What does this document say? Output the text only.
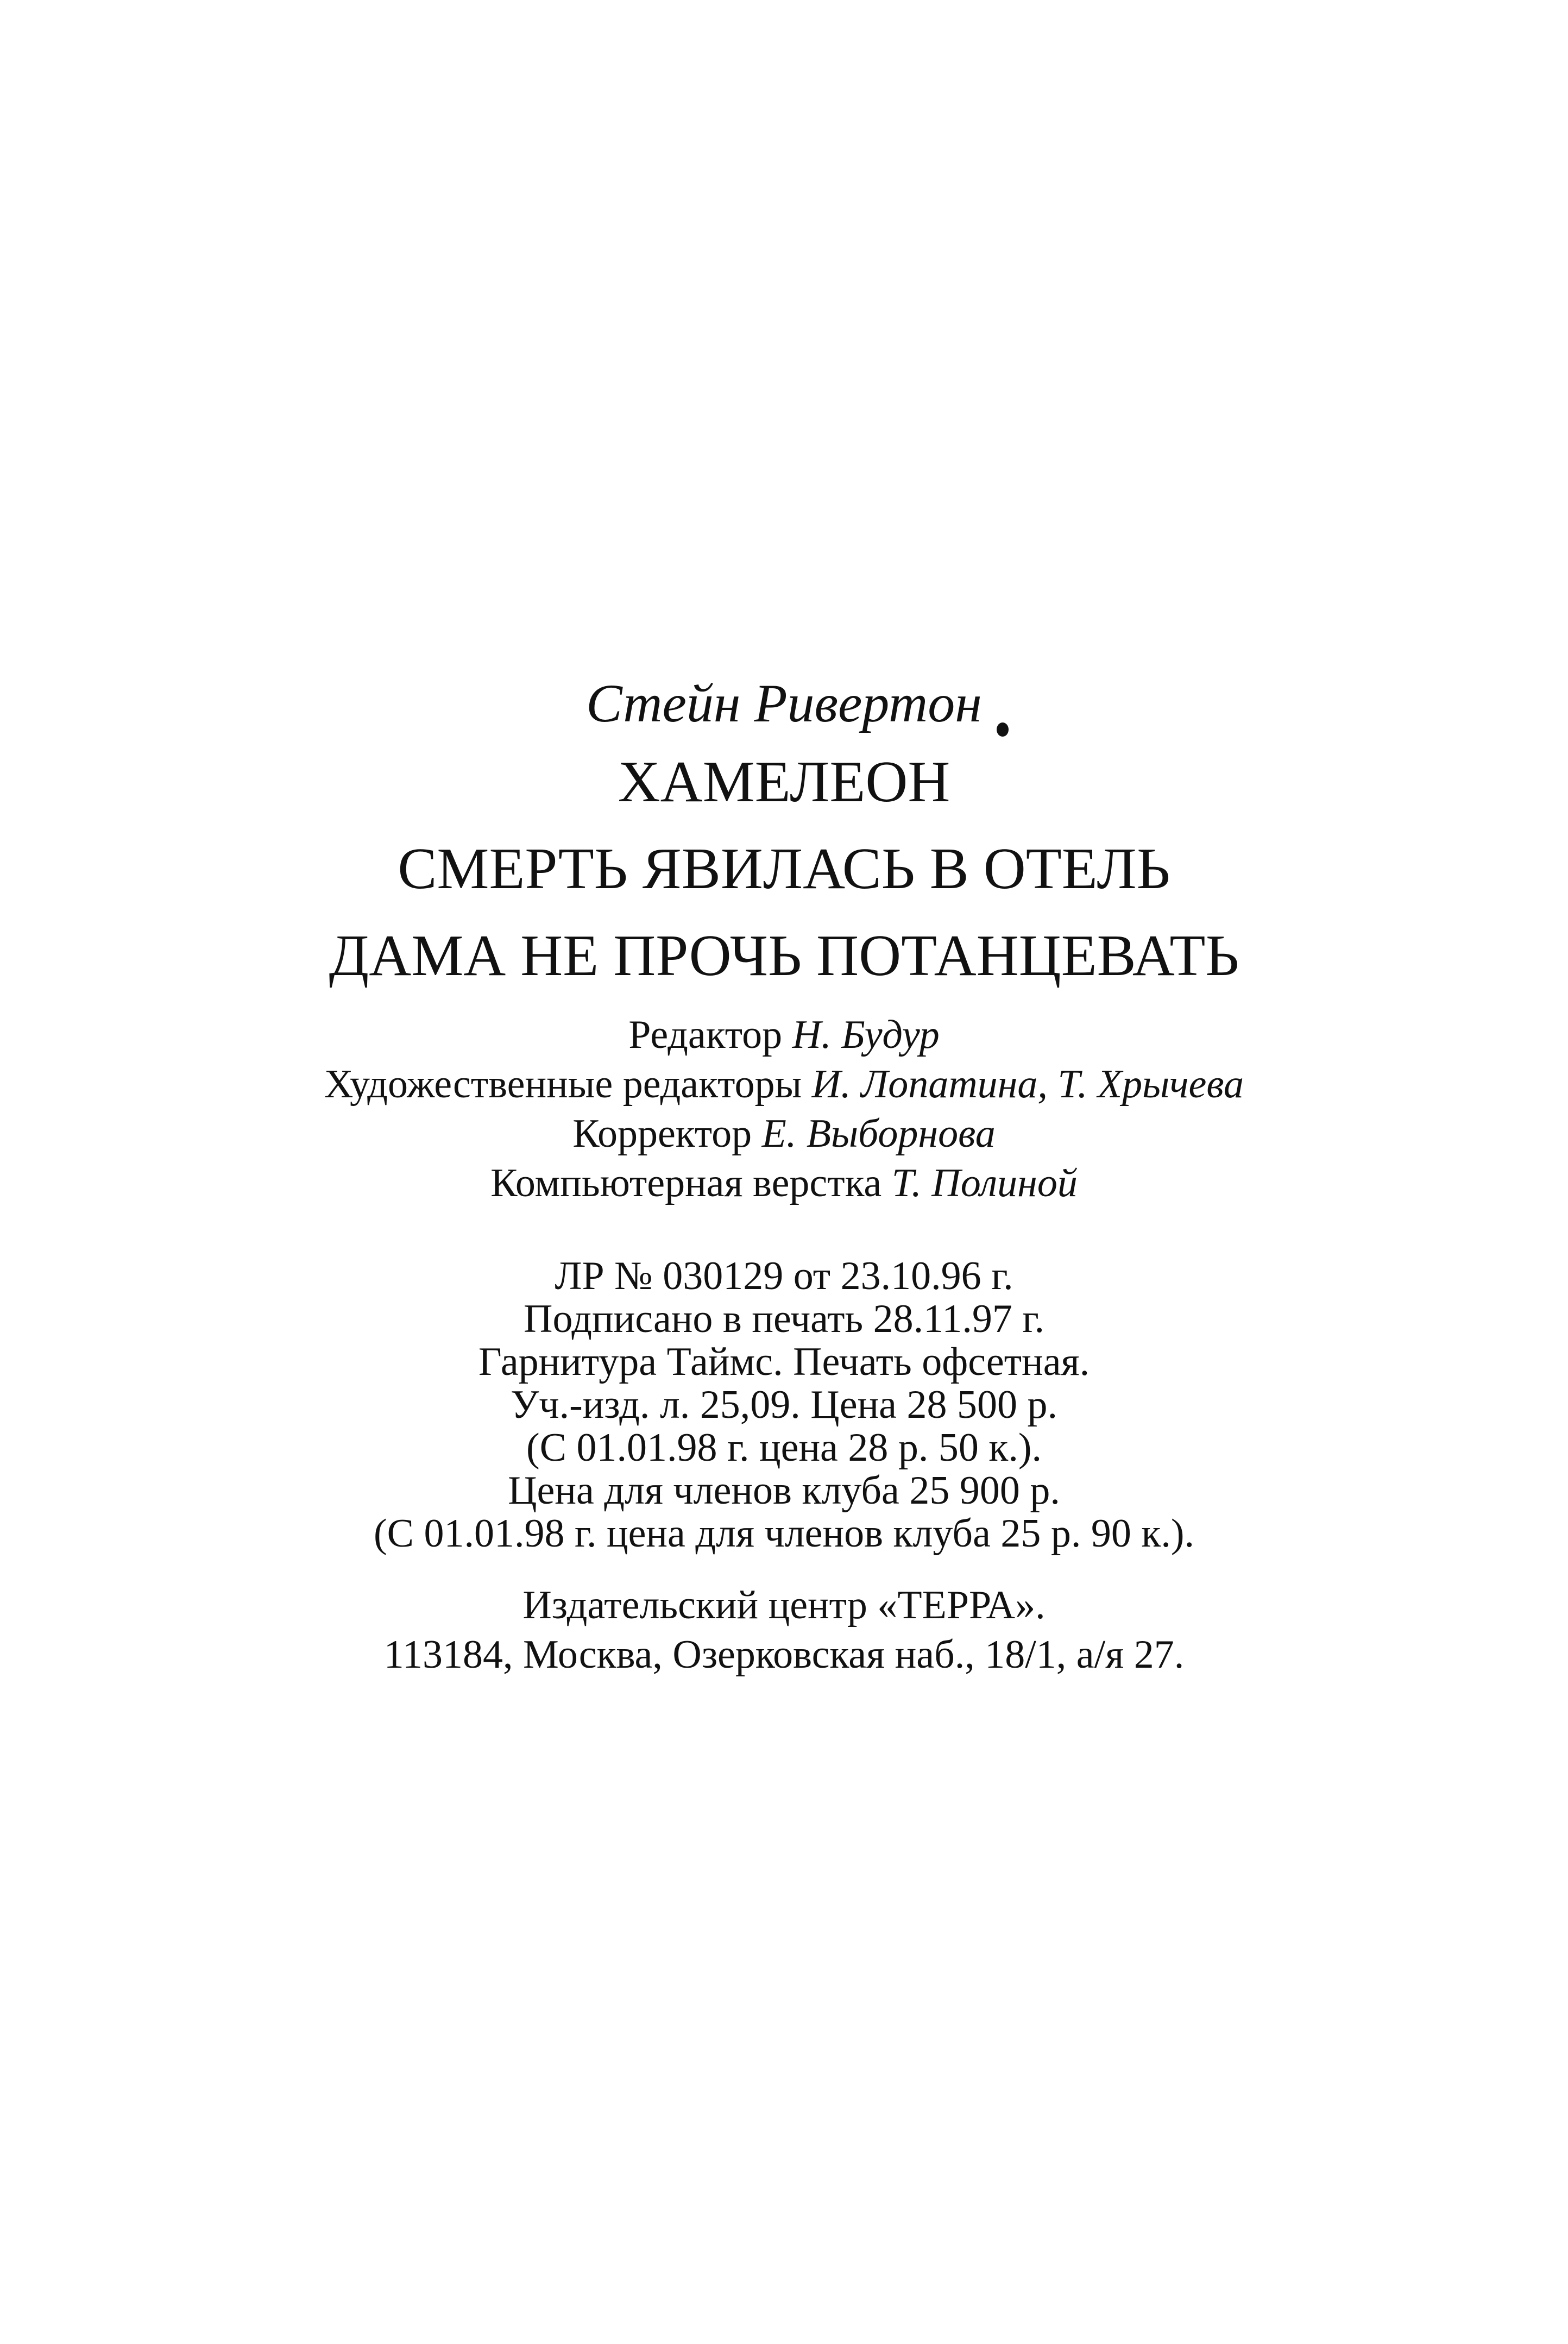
Стейн Ривертон
ХАМЕЛЕОН
СМЕРТЬ ЯВИЛАСЬ В ОТЕЛЬ
ДАМА НЕ ПРОЧЬ ПОТАНЦЕВАТЬ
Редактор Н. Будур
Художественные редакторы И. Лопатина, Т. Хрычева
Корректор Е. Выборнова
Компьютерная верстка Т. Полиной
ЛР № 030129 от 23.10.96 г.
Подписано в печать 28.11.97 г.
Гарнитура Таймс. Печать офсетная.
Уч.-изд. л. 25,09. Цена 28 500 р.
(С 01.01.98 г. цена 28 р. 50 к.).
Цена для членов клуба 25 900 р.
(С 01.01.98 г. цена для членов клуба 25 р. 90 к.).
Издательский центр «ТЕРРА».
113184, Москва, Озерковская наб., 18/1, а/я 27.
